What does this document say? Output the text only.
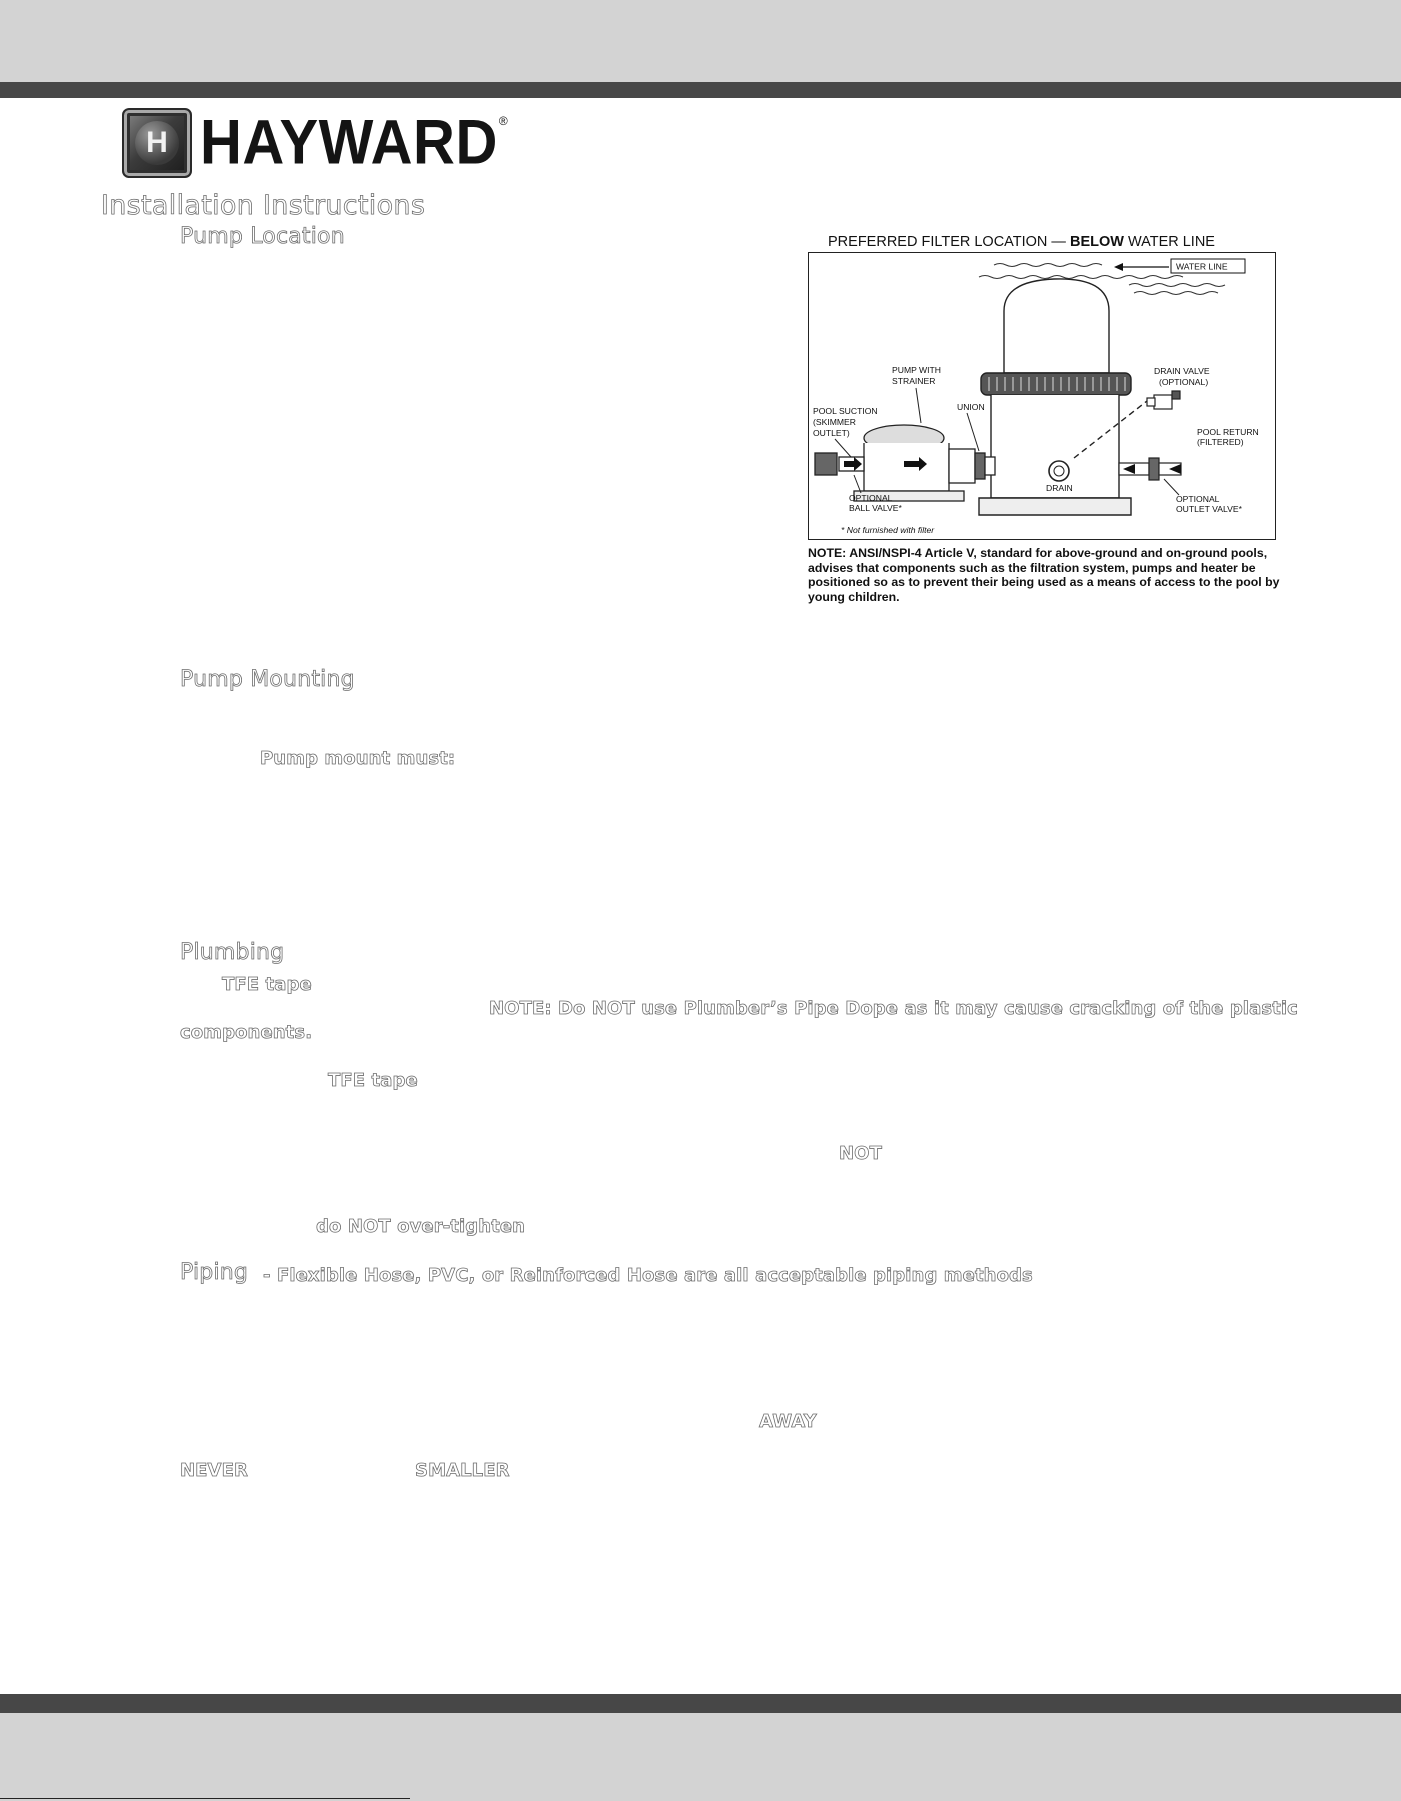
H HAYWARD ®
Installation Instructions
Pump Location	PREFERRED FILTER LOCATION — BELOW WATER LINE
WATER LINE
DRAIN
DRAIN VALVE
(OPTIONAL)
POOL RETURN
(FILTERED)
OPTIONAL
OUTLET VALVE*
PUMP WITH
STRAINER
UNION
POOL SUCTION
(SKIMMER
OUTLET)
OPTIONAL
BALL VALVE*
* Not furnished with filter
NOTE: ANSI/NSPI-4 Article V, standard for above-ground and on-ground pools, advises that components such as the filtration system, pumps and heater be positioned so as to prevent their being used as a means of access to the pool by young children.
Pump Mounting
Pump mount must:
Plumbing
TFE tape
NOTE: Do NOT use Plumber’s Pipe Dope as it may cause cracking of the plastic
components.
TFE tape
NOT
do NOT over-tighten
Piping - Flexible Hose, PVC, or Reinforced Hose are all acceptable piping methods
AWAY
NEVER	SMALLER
